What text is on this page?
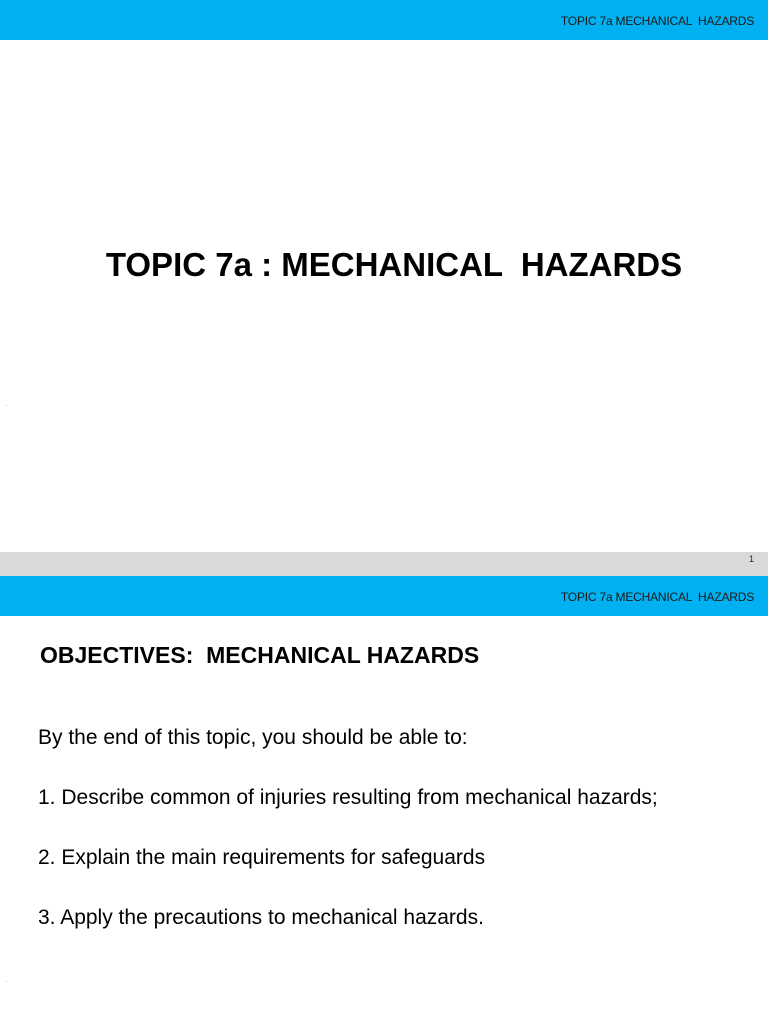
TOPIC 7a MECHANICAL  HAZARDS
TOPIC 7a : MECHANICAL  HAZARDS
.
1
TOPIC 7a MECHANICAL  HAZARDS
OBJECTIVES:  MECHANICAL HAZARDS

By the end of this topic, you should be able to:

1. Describe common of injuries resulting from mechanical hazards;
2. Explain the main requirements for safeguards
3. Apply the precautions to mechanical hazards.
.
